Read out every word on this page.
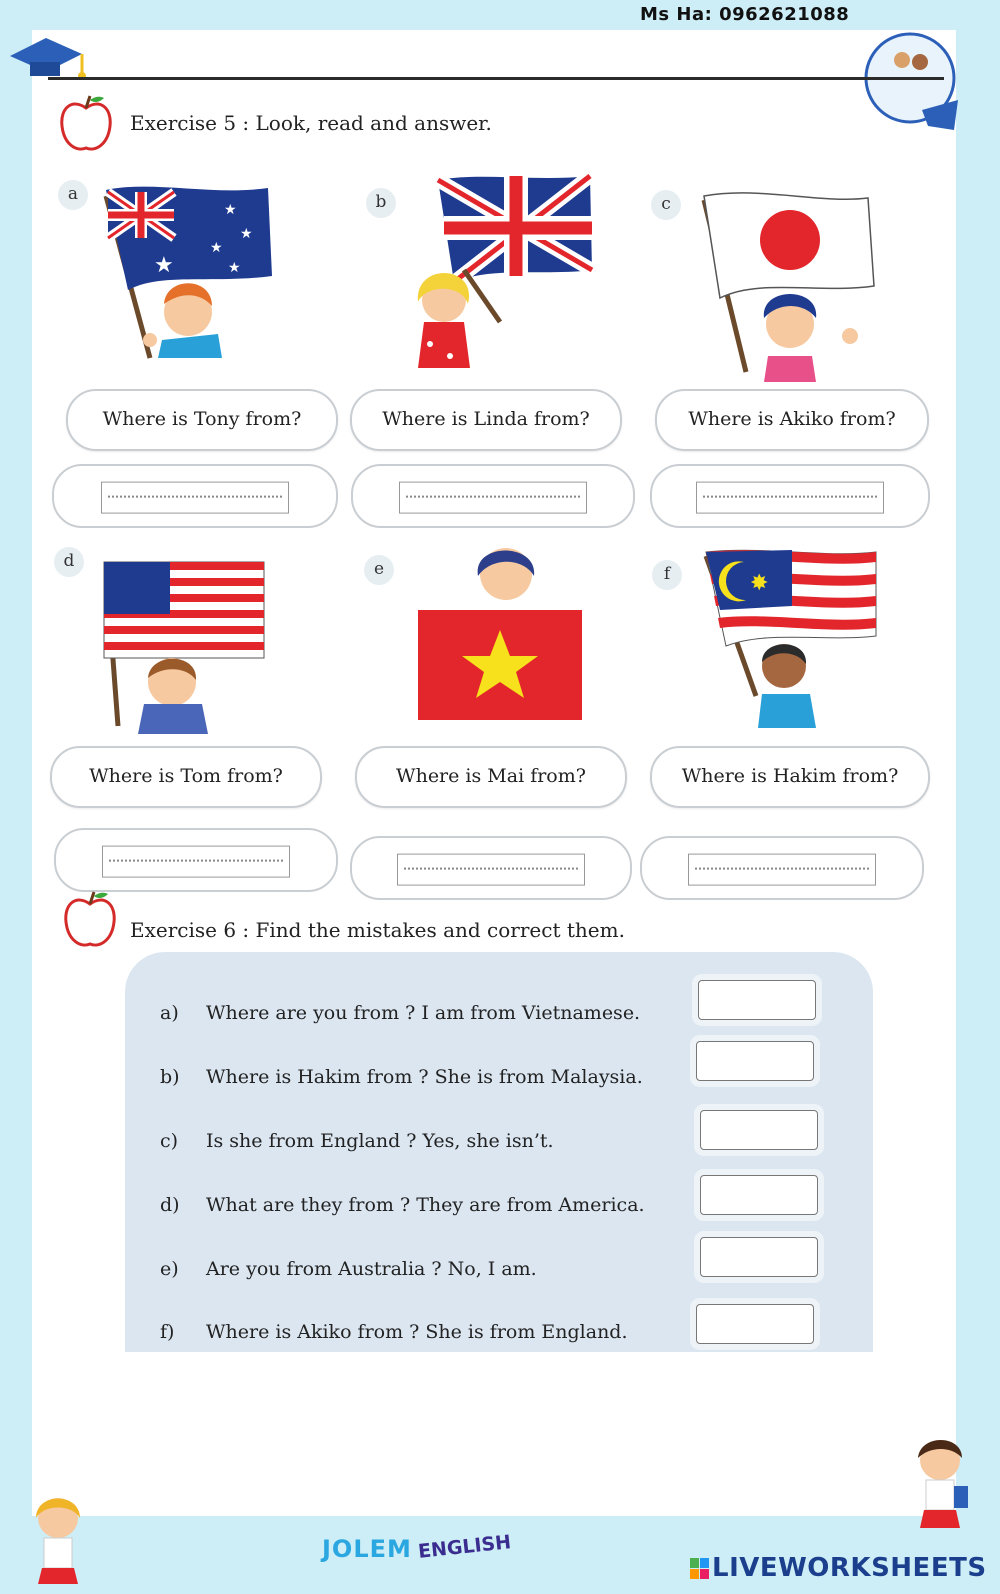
Ms Ha: 0962621088
Exercise 5 : Look, read and answer.
a	b	c
d	e	f
★
★
★
★
★
✸
Where is Tony from?	Where is Linda from?	Where is Akiko from?
Where is Tom from?	Where is Mai from?	Where is Hakim from?
Exercise 6 : Find the mistakes and correct them.
a) Where are you from ? I am from Vietnamese.
b) Where is Hakim from ? She is from Malaysia.
c) Is she from England ? Yes, she isn’t.
d) What are they from ? They are from America.
e) Are you from Australia ? No, I am.
f) Where is Akiko from ? She is from England.
JOLEM ENGLISH
LIVEWORKSHEETS
